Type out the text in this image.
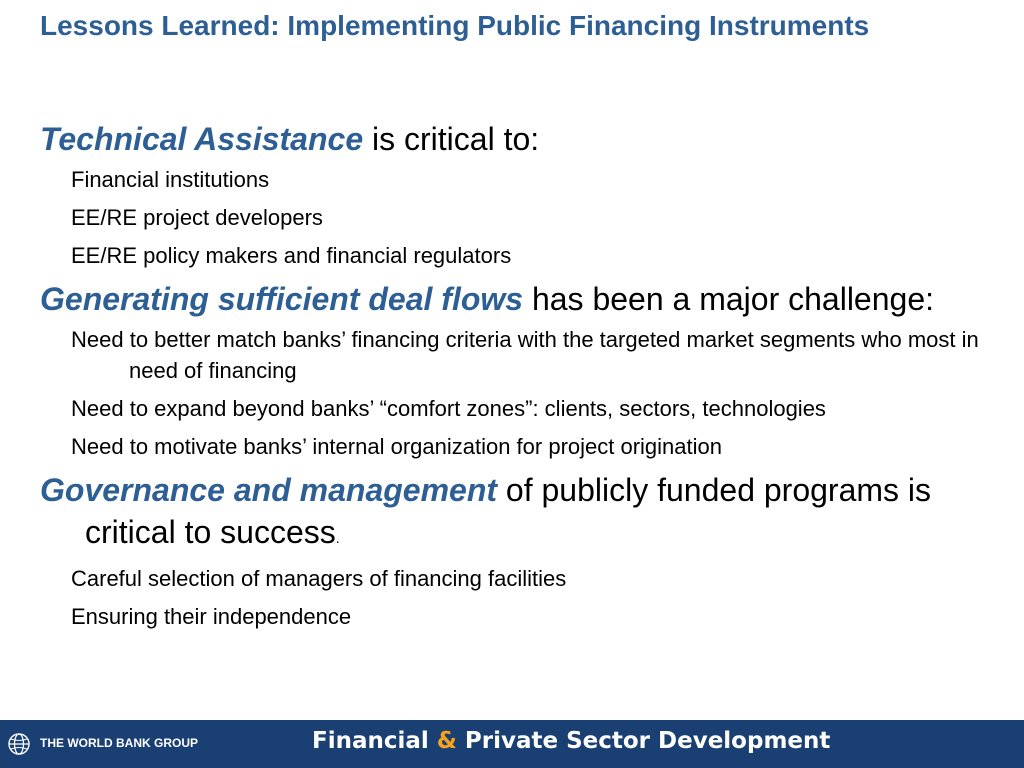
Lessons Learned: Implementing Public Financing Instruments

Technical Assistance is critical to:

Financial institutions

EE/RE project developers

EE/RE policy makers and financial regulators

Generating sufficient deal flows has been a major challenge:

Need to better match banks’ financing criteria with the targeted market segments who most in need of financing

Need to expand beyond banks’ “comfort zones”: clients, sectors, technologies

Need to motivate banks’ internal organization for project origination

Governance and management of publicly funded programs is critical to success.

Careful selection of managers of financing facilities

Ensuring their independence

THE WORLD BANK GROUP	Financial & Private Sector Development
